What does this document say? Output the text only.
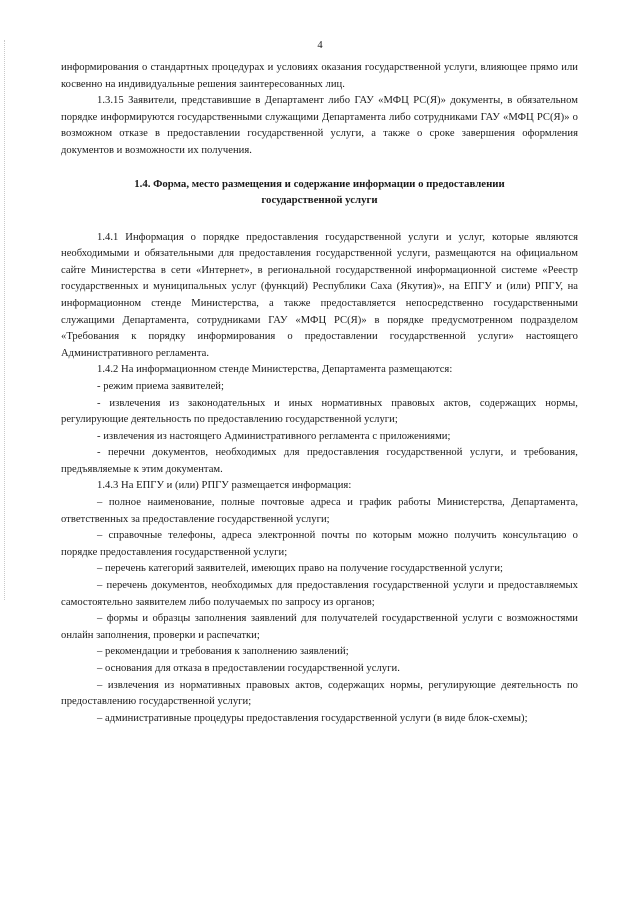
4

информирования о стандартных процедурах и условиях оказания государственной услуги, влияющее прямо или косвенно на индивидуальные решения заинтересованных лиц.

1.3.15 Заявители, представившие в Департамент либо ГАУ «МФЦ РС(Я)» документы, в обязательном порядке информируются государственными служащими Департамента либо сотрудниками ГАУ «МФЦ РС(Я)» о возможном отказе в предоставлении государственной услуги, а также о сроке завершения оформления документов и возможности их получения.

1.4. Форма, место размещения и содержание информации о предоставлении
государственной услуги

1.4.1 Информация о порядке предоставления государственной услуги и услуг, которые являются необходимыми и обязательными для предоставления государственной услуги, размещаются на официальном сайте Министерства в сети «Интернет», в региональной государственной информационной системе «Реестр государственных и муниципальных услуг (функций) Республики Саха (Якутия)», на ЕПГУ и (или) РПГУ, на информационном стенде Министерства, а также предоставляется непосредственно государственными служащими Департамента, сотрудниками ГАУ «МФЦ РС(Я)» в порядке предусмотренном подразделом «Требования к порядку информирования о предоставлении государственной услуги» настоящего Административного регламента.

1.4.2 На информационном стенде Министерства, Департамента размещаются:

- режим приема заявителей;

- извлечения из законодательных и иных нормативных правовых актов, содержащих нормы, регулирующие деятельность по предоставлению государственной услуги;

- извлечения из настоящего Административного регламента с приложениями;

- перечни документов, необходимых для предоставления государственной услуги, и требования, предъявляемые к этим документам.

1.4.3 На ЕПГУ и (или) РПГУ размещается информация:

– полное наименование, полные почтовые адреса и график работы Министерства, Департамента, ответственных за предоставление государственной услуги;

– справочные телефоны, адреса электронной почты по которым можно получить консультацию о порядке предоставления государственной услуги;

– перечень категорий заявителей, имеющих право на получение государственной услуги;

– перечень документов, необходимых для предоставления государственной услуги и предоставляемых самостоятельно заявителем либо получаемых по запросу из органов;

– формы и образцы заполнения заявлений для получателей государственной услуги с возможностями онлайн заполнения, проверки и распечатки;

– рекомендации и требования к заполнению заявлений;

– основания для отказа в предоставлении государственной услуги.

– извлечения из нормативных правовых актов, содержащих нормы, регулирующие деятельность по предоставлению государственной услуги;

– административные процедуры предоставления государственной услуги (в виде блок-схемы);
